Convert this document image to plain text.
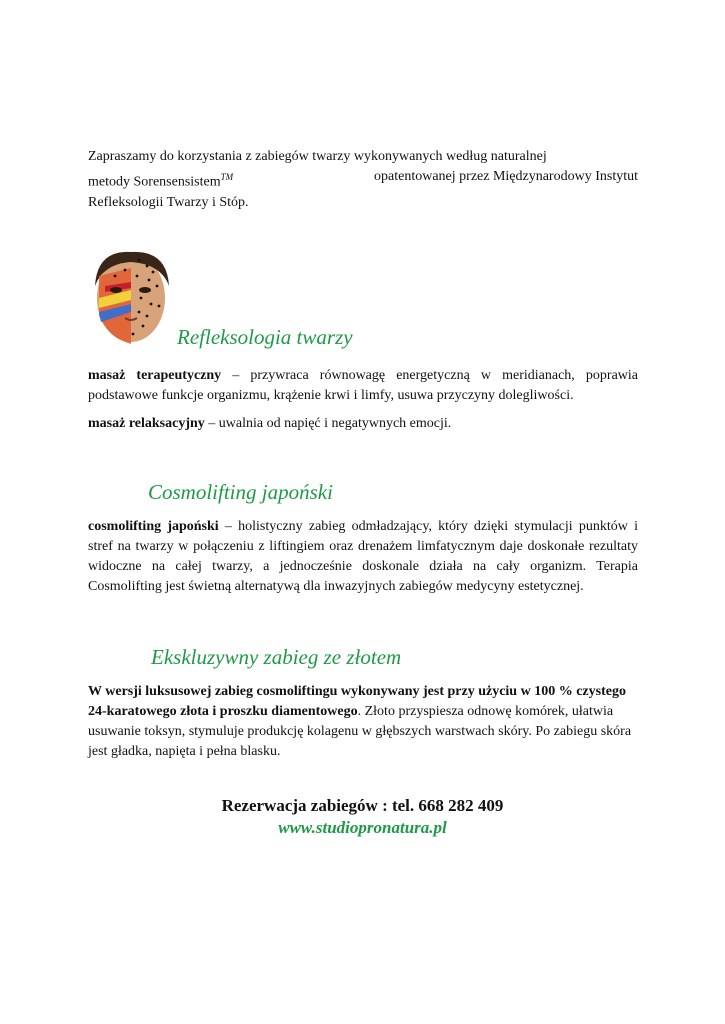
Zapraszamy do korzystania z zabiegów twarzy wykonywanych według naturalnej
metody Sorensensistem™	opatentowanej przez Międzynarodowy Instytut
Refleksologii Twarzy i Stóp.
Refleksologia twarzy

masaż terapeutyczny – przywraca równowagę energetyczną w meridianach, poprawia podstawowe funkcje organizmu, krążenie krwi i limfy, usuwa przyczyny dolegliwości.

masaż relaksacyjny – uwalnia od napięć i negatywnych emocji.

Cosmolifting japoński

cosmolifting japoński – holistyczny zabieg odmładzający, który dzięki stymulacji punktów i stref na twarzy w połączeniu z liftingiem oraz drenażem limfatycznym daje doskonałe rezultaty widoczne na całej twarzy, a jednocześnie doskonale działa na cały organizm. Terapia Cosmolifting jest świetną alternatywą dla inwazyjnych zabiegów medycyny estetycznej.

Ekskluzywny zabieg ze złotem

W wersji luksusowej zabieg cosmoliftingu wykonywany jest przy użyciu w 100 % czystego 24-karatowego złota i proszku diamentowego. Złoto przyspiesza odnowę komórek, ułatwia usuwanie toksyn, stymuluje produkcję kolagenu w głębszych warstwach skóry. Po zabiegu skóra jest gładka, napięta i pełna blasku.

Rezerwacja zabiegów : tel. 668 282 409

www.studiopronatura.pl
